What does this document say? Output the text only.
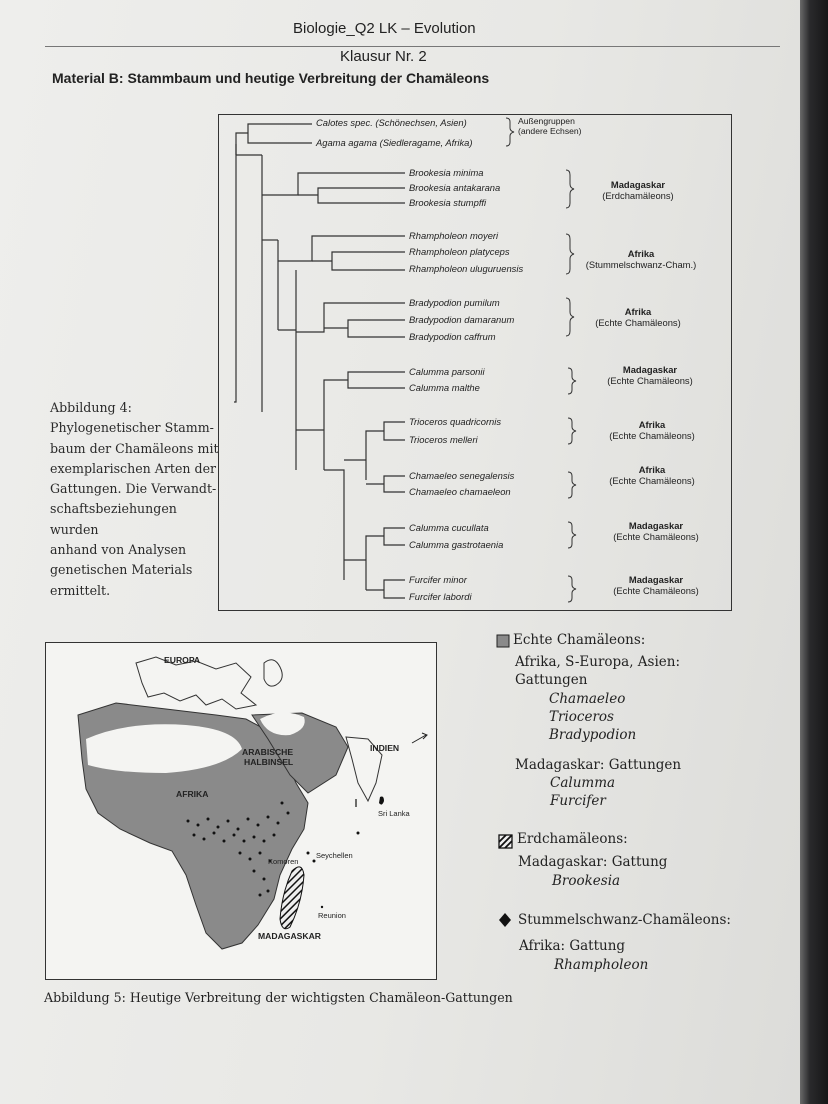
Biologie_Q2 LK – Evolution
Klausur Nr. 2
Material B: Stammbaum und heutige Verbreitung der Chamäleons
Abbildung 4:
Phylogenetischer Stamm-
baum der Chamäleons mit
exemplarischen Arten der
Gattungen. Die Verwandt-
schaftsbeziehungen wurden
anhand von Analysen
genetischen Materials
ermittelt.
Calotes spec. (Schönechsen, Asien)
Agama agama (Siedleragame, Afrika)
Brookesia minima
Brookesia antakarana
Brookesia stumpffi
Rhampholeon moyeri
Rhampholeon platyceps
Rhampholeon uluguruensis
Bradypodion pumilum
Bradypodion damaranum
Bradypodion caffrum
Calumma parsonii
Calumma malthe
Trioceros quadricornis
Trioceros melleri
Chamaeleo senegalensis
Chamaeleo chamaeleon
Calumma cucullata
Calumma gastrotaenia
Furcifer minor
Furcifer labordi
Außengruppen
(andere Echsen)
Madagaskar
(Erdchamäleons)
Afrika
(Stummelschwanz-Cham.)
Afrika
(Echte Chamäleons)
Madagaskar
(Echte Chamäleons)
Afrika
(Echte Chamäleons)
Afrika
(Echte Chamäleons)
Madagaskar
(Echte Chamäleons)
Madagaskar
(Echte Chamäleons)
EUROPA
ARABISCHE
HALBINSEL
INDIEN
AFRIKA
Sri Lanka
Seychellen
Komoren
Reunion
MADAGASKAR
Abbildung 5: Heutige Verbreitung der wichtigsten Chamäleon-Gattungen
Echte Chamäleons:
Afrika, S-Europa, Asien:
Gattungen
Chamaeleo
Trioceros
Bradypodion
Madagaskar: Gattungen
Calumma
Furcifer
Erdchamäleons:
Madagaskar: Gattung
Brookesia
Stummelschwanz-Chamäleons:
Afrika: Gattung
Rhampholeon
